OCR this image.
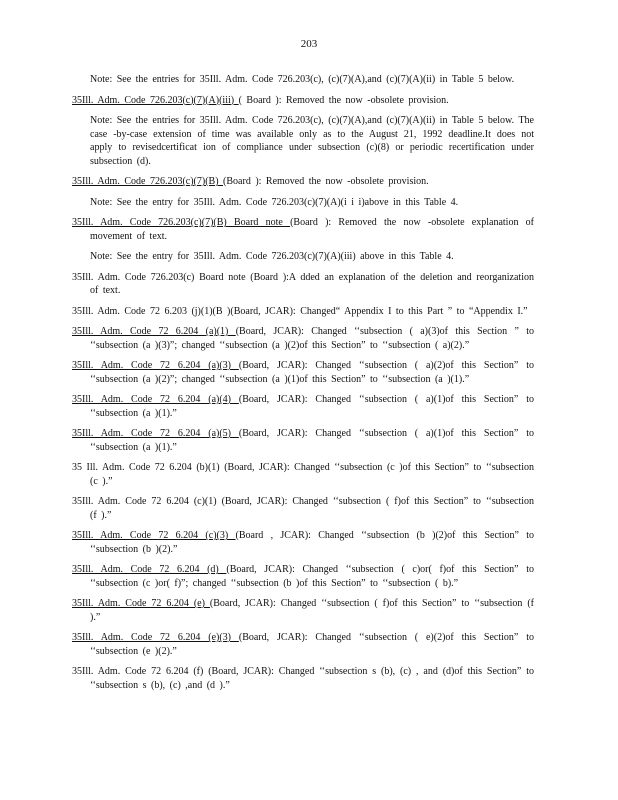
203

Note: See the entries for 35Ill. Adm. Code 726.203(c), (c)(7)(A),and (c)(7)(A)(ii) in Table 5 below.

35Ill. Adm. Code 726.203(c)(7)(A)(iii) ( Board ): Removed the now -obsolete provision.

Note: See the entries for 35Ill. Adm. Code 726.203(c), (c)(7)(A),and (c)(7)(A)(ii) in Table 5 below. The case -by-case extension of time was available only as to the August 21, 1992 deadline.It does not apply to revisedcertificat ion of compliance under subsection (c)(8) or periodic recertification under subsection (d).

35Ill. Adm. Code 726.203(c)(7)(B) (Board ): Removed the now -obsolete provision.

Note: See the entry for 35Ill. Adm. Code 726.203(c)(7)(A)(i i i)above in this Table 4.

35Ill. Adm. Code 726.203(c)(7)(B) Board note (Board ): Removed the now -obsolete explanation of movement of text.

Note: See the entry for 35Ill. Adm. Code 726.203(c)(7)(A)(iii) above in this Table 4.

35Ill. Adm. Code 726.203(c) Board note (Board ):A dded an explanation of the deletion and reorganization of text.

35Ill. Adm. Code 72 6.203 (j)(1)(B )(Board, JCAR): Changed“ Appendix I to this Part ” to “Appendix I.”

35Ill. Adm. Code 72 6.204 (a)(1) (Board, JCAR): Changed ‘‘subsection ( a)(3)of this Section ” to ‘‘subsection (a )(3)”; changed ‘‘subsection (a )(2)of this Section” to ‘‘subsection ( a)(2).”

35Ill. Adm. Code 72 6.204 (a)(3) (Board, JCAR): Changed ‘‘subsection ( a)(2)of this Section” to ‘‘subsection (a )(2)”; changed ‘‘subsection (a )(1)of this Section” to ‘‘subsection (a )(1).”

35Ill. Adm. Code 72 6.204 (a)(4) (Board, JCAR): Changed ‘‘subsection ( a)(1)of this Section” to ‘‘subsection (a )(1).”

35Ill. Adm. Code 72 6.204 (a)(5) (Board, JCAR): Changed ‘‘subsection ( a)(1)of this Section” to ‘‘subsection (a )(1).”

35 Ill. Adm. Code 72 6.204 (b)(1) (Board, JCAR): Changed ‘‘subsection (c )of this Section” to ‘‘subsection (c ).”

35Ill. Adm. Code 72 6.204 (c)(1) (Board, JCAR): Changed ‘‘subsection ( f)of this Section” to ‘‘subsection (f ).”

35Ill. Adm. Code 72 6.204 (c)(3) (Board , JCAR): Changed ‘‘subsection (b )(2)of this Section” to ‘‘subsection (b )(2).”

35Ill. Adm. Code 72 6.204 (d) (Board, JCAR): Changed ‘‘subsection ( c)or( f)of this Section” to ‘‘subsection (c )or( f)”; changed ‘‘subsection (b )of this Section” to ‘‘subsection ( b).”

35Ill. Adm. Code 72 6.204 (e) (Board, JCAR): Changed ‘‘subsection ( f)of this Section” to ‘‘subsection (f ).”

35Ill. Adm. Code 72 6.204 (e)(3) (Board, JCAR): Changed ‘‘subsection ( e)(2)of this Section” to ‘‘subsection (e )(2).”

35Ill. Adm. Code 72 6.204 (f) (Board, JCAR): Changed ‘‘subsection s (b), (c) , and (d)of this Section” to ‘‘subsection s (b), (c) ,and (d ).”
